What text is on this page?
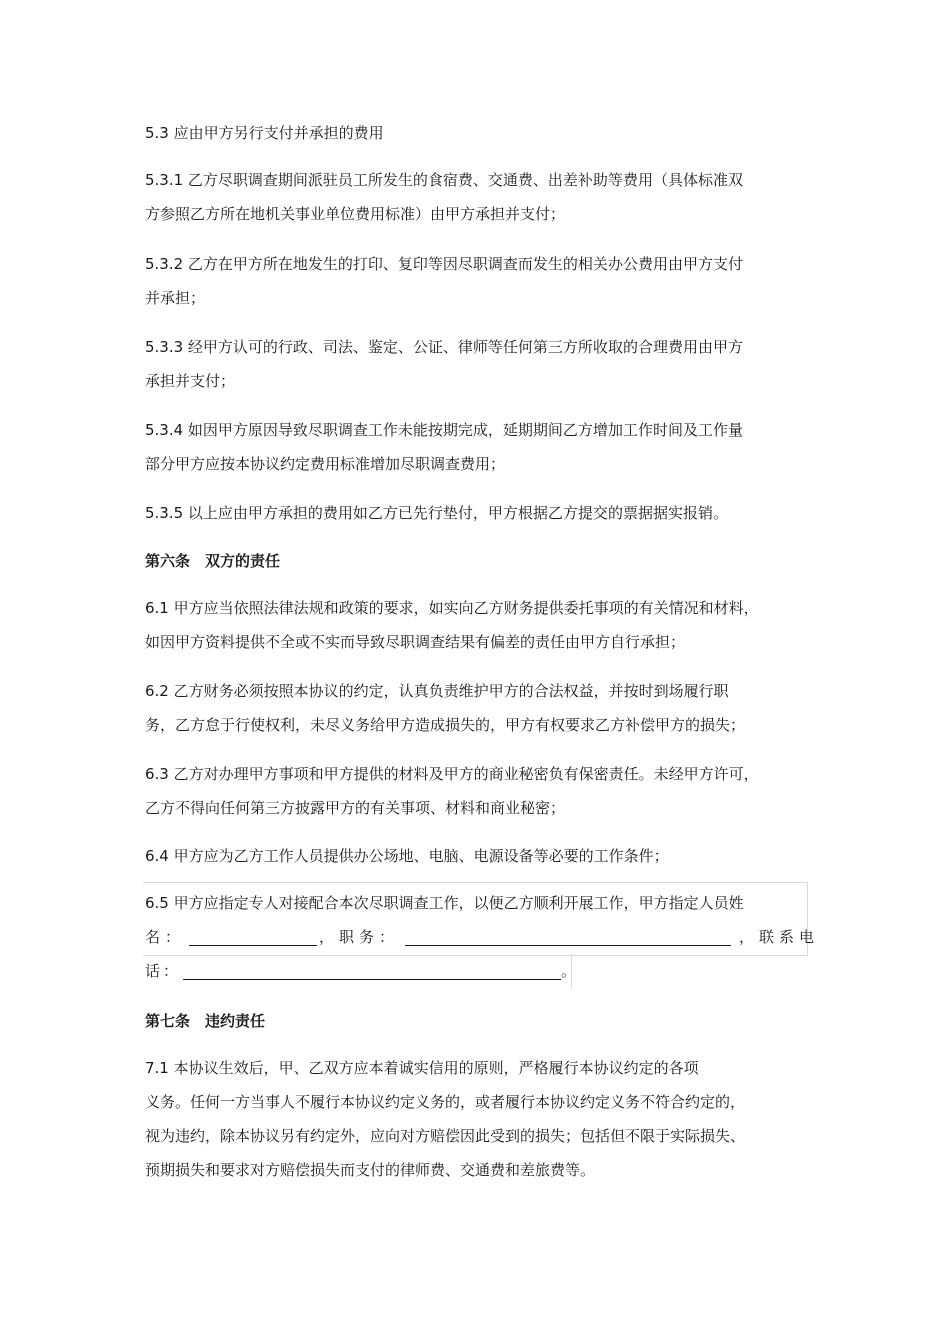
5.3 应由甲方另行支付并承担的费用
5.3.1 乙方尽职调查期间派驻员工所发生的食宿费、交通费、出差补助等费用（具体标准双
方参照乙方所在地机关事业单位费用标准）由甲方承担并支付；
5.3.2 乙方在甲方所在地发生的打印、复印等因尽职调查而发生的相关办公费用由甲方支付
并承担；
5.3.3 经甲方认可的行政、司法、鉴定、公证、律师等任何第三方所收取的合理费用由甲方
承担并支付；
5.3.4 如因甲方原因导致尽职调查工作未能按期完成，延期期间乙方增加工作时间及工作量
部分甲方应按本协议约定费用标准增加尽职调查费用；
5.3.5 以上应由甲方承担的费用如乙方已先行垫付，甲方根据乙方提交的票据据实报销。
第六条　双方的责任
6.1 甲方应当依照法律法规和政策的要求，如实向乙方财务提供委托事项的有关情况和材料，
如因甲方资料提供不全或不实而导致尽职调查结果有偏差的责任由甲方自行承担；
6.2 乙方财务必须按照本协议的约定，认真负责维护甲方的合法权益，并按时到场履行职
务，乙方怠于行使权利，未尽义务给甲方造成损失的，甲方有权要求乙方补偿甲方的损失；
6.3 乙方对办理甲方事项和甲方提供的材料及甲方的商业秘密负有保密责任。未经甲方许可，
乙方不得向任何第三方披露甲方的有关事项、材料和商业秘密；
6.4 甲方应为乙方工作人员提供办公场地、电脑、电源设备等必要的工作条件；
6.5 甲方应指定专人对接配合本次尽职调查工作，以便乙方顺利开展工作，甲方指定人员姓
名：	，职务：	，联系电
话：	。
第七条　违约责任
7.1 本协议生效后，甲、乙双方应本着诚实信用的原则，严格履行本协议约定的各项
义务。任何一方当事人不履行本协议约定义务的，或者履行本协议约定义务不符合约定的，
视为违约，除本协议另有约定外，应向对方赔偿因此受到的损失；包括但不限于实际损失、
预期损失和要求对方赔偿损失而支付的律师费、交通费和差旅费等。
